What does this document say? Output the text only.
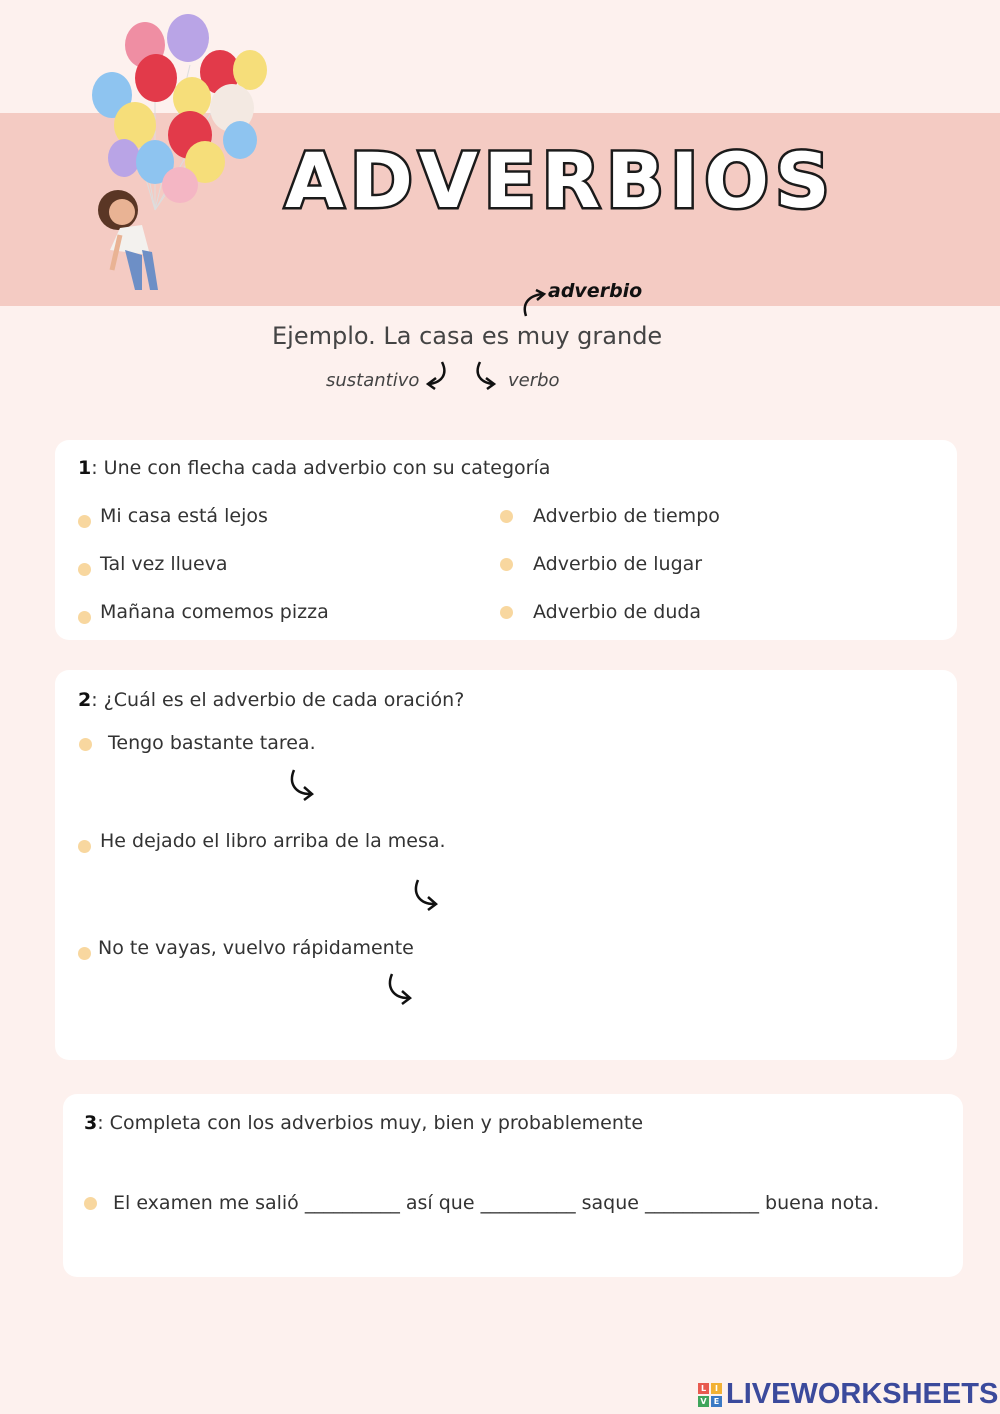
ADVERBIOS
adverbio
Ejemplo. La casa es muy grande
sustantivo	verbo
1: Une con flecha cada adverbio con su categoría
Mi casa está lejos
Tal vez llueva
Mañana comemos pizza
Adverbio de tiempo
Adverbio de lugar
Adverbio de duda
2: ¿Cuál es el adverbio de cada oración?
Tengo bastante tarea.
He dejado el libro arriba de la mesa.
No te vayas, vuelvo rápidamente
3: Completa con los adverbios muy, bien y probablemente
El examen me salió __________ así que __________ saque ____________ buena nota.
L	I
V E LIVEWORKSHEETS
